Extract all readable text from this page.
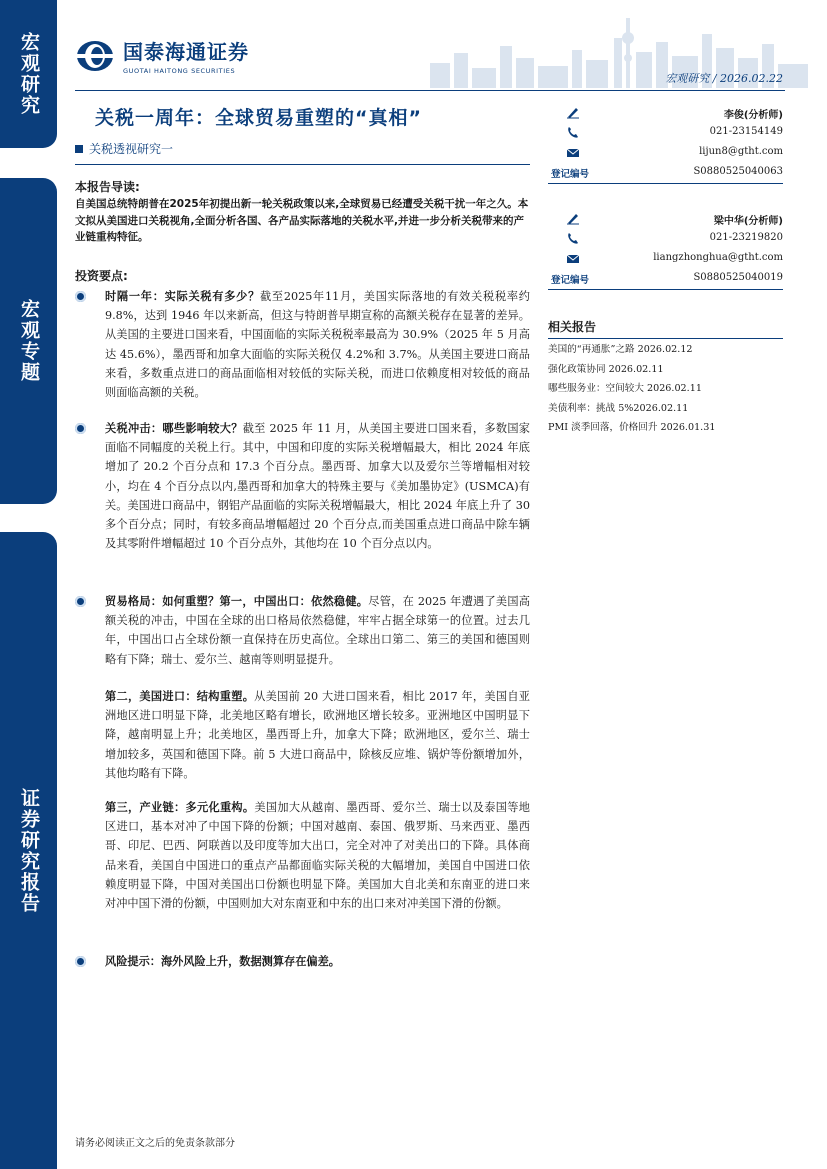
宏观研究
宏观专题
证券研究报告
国泰海通证券
GUOTAI HAITONG SECURITIES
宏观研究 / 2026.02.22
关税一周年：全球贸易重塑的“真相”
关税透视研究一
本报告导读:
自美国总统特朗普在2025年初提出新一轮关税政策以来,全球贸易已经遭受关税干扰一年之久。本文拟从美国进口关税视角,全面分析各国、各产品实际落地的关税水平,并进一步分析关税带来的产业链重构特征。
投资要点:
时隔一年：实际关税有多少？截至2025年11月，美国实际落地的有效关税税率约 9.8%，达到 1946 年以来新高，但这与特朗普早期宣称的高额关税存在显著的差异。从美国的主要进口国来看，中国面临的实际关税税率最高为 30.9%（2025 年 5 月高达 45.6%），墨西哥和加拿大面临的实际关税仅 4.2%和 3.7%。从美国主要进口商品来看，多数重点进口的商品面临相对较低的实际关税，而进口依赖度相对较低的商品则面临高额的关税。
关税冲击：哪些影响较大？截至 2025 年 11 月，从美国主要进口国来看，多数国家面临不同幅度的关税上行。其中，中国和印度的实际关税增幅最大，相比 2024 年底增加了 20.2 个百分点和 17.3 个百分点。墨西哥、加拿大以及爱尔兰等增幅相对较小，均在 4 个百分点以内,墨西哥和加拿大的特殊主要与《美加墨协定》(USMCA)有关。美国进口商品中，钢铝产品面临的实际关税增幅最大，相比 2024 年底上升了 30 多个百分点；同时，有较多商品增幅超过 20 个百分点,而美国重点进口商品中除车辆及其零附件增幅超过 10 个百分点外，其他均在 10 个百分点以内。
贸易格局：如何重塑？第一，中国出口：依然稳健。尽管，在 2025 年遭遇了美国高额关税的冲击，中国在全球的出口格局依然稳健，牢牢占据全球第一的位置。过去几年，中国出口占全球份额一直保持在历史高位。全球出口第二、第三的美国和德国则略有下降；瑞士、爱尔兰、越南等则明显提升。
第二，美国进口：结构重塑。从美国前 20 大进口国来看，相比 2017 年，美国自亚洲地区进口明显下降，北美地区略有增长，欧洲地区增长较多。亚洲地区中国明显下降，越南明显上升；北美地区，墨西哥上升，加拿大下降；欧洲地区，爱尔兰、瑞士增加较多，英国和德国下降。前 5 大进口商品中，除核反应堆、锅炉等份额增加外，其他均略有下降。
第三，产业链：多元化重构。美国加大从越南、墨西哥、爱尔兰、瑞士以及泰国等地区进口，基本对冲了中国下降的份额；中国对越南、泰国、俄罗斯、马来西亚、墨西哥、印尼、巴西、阿联酋以及印度等加大出口，完全对冲了对美出口的下降。具体商品来看，美国自中国进口的重点产品都面临实际关税的大幅增加，美国自中国进口依赖度明显下降，中国对美国出口份额也明显下降。美国加大自北美和东南亚的进口来对冲中国下滑的份额，中国则加大对东南亚和中东的出口来对冲美国下滑的份额。
风险提示：海外风险上升，数据测算存在偏差。
李俊(分析师)
021-23154149
lijun8@gtht.com
登记编号	S0880525040063
梁中华(分析师)
021-23219820
liangzhonghua@gtht.com
登记编号	S0880525040019
相关报告
美国的“再通胀”之路 2026.02.12
强化政策协同 2026.02.11
哪些服务业：空间较大 2026.02.11
美债利率：挑战 5%2026.02.11
PMI 淡季回落，价格回升 2026.01.31
请务必阅读正文之后的免责条款部分
